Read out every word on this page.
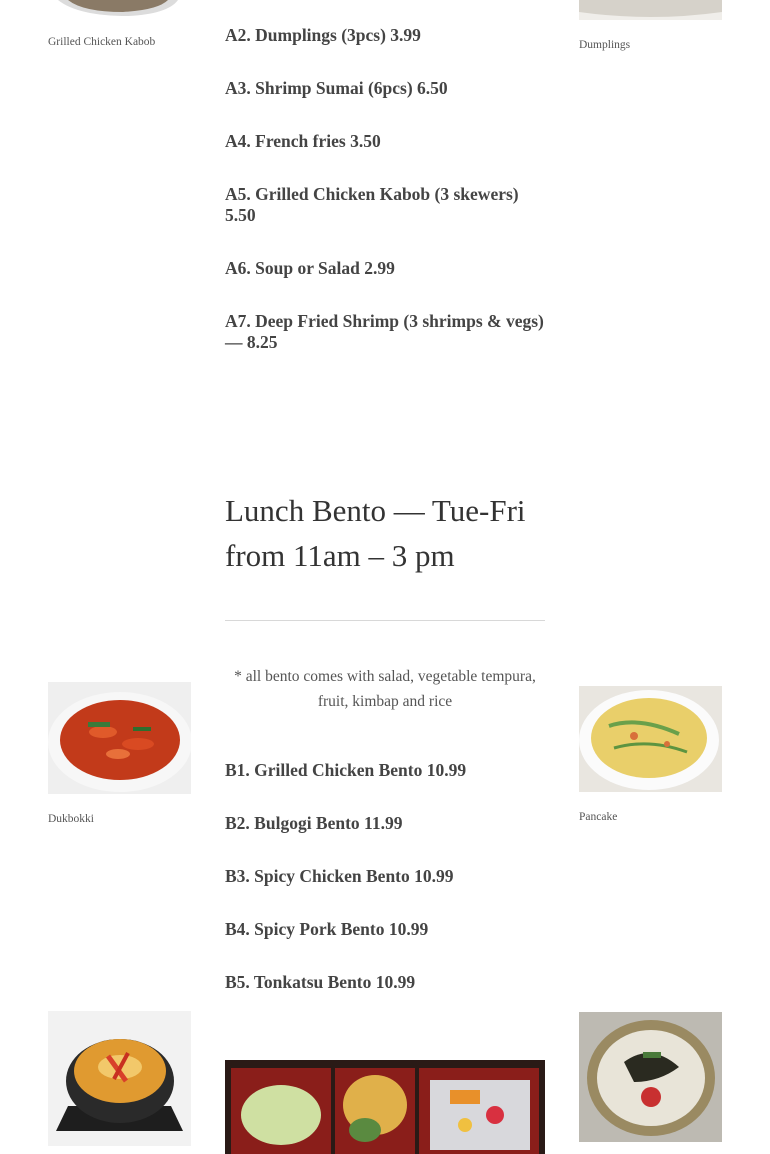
Grilled Chicken Kabob
Dukbokki
Dumplings
Pancake
A2. Dumplings (3pcs) 3.99
A3. Shrimp Sumai (6pcs) 6.50
A4. French fries 3.50
A5. Grilled Chicken Kabob (3 skewers) 5.50
A6. Soup or Salad 2.99
A7. Deep Fried Shrimp (3 shrimps & vegs) — 8.25
Lunch Bento — Tue-Fri from 11am – 3 pm
* all bento comes with salad, vegetable tempura, fruit, kimbap and rice
B1. Grilled Chicken Bento 10.99
B2. Bulgogi Bento 11.99
B3. Spicy Chicken Bento 10.99
B4. Spicy Pork Bento 10.99
B5. Tonkatsu Bento 10.99
